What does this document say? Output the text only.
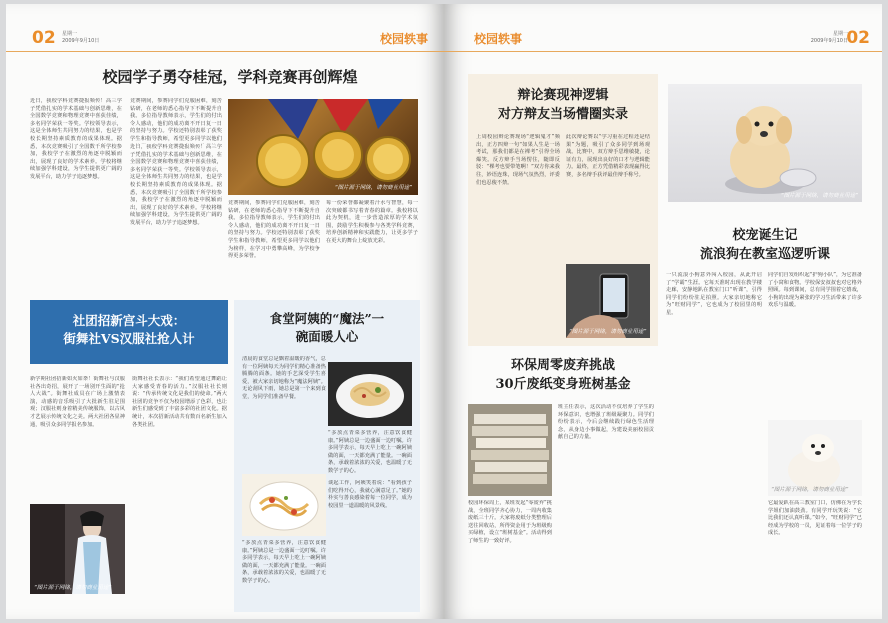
02 星期一
2009年9月10日	校园轶事
校园学子勇夺桂冠，学科竞赛再创辉煌
近日，我校学科竞赛捷报频传！高三学子凭借扎实的学术基础与创新思维，在全国数学竞赛和物理竞赛中喜获佳绩，多名同学荣获一等奖。学校领导表示，这是全体师生共同努力的结果，也是学校长期坚持素质教育的成果体现。据悉，本次竞赛吸引了全国数千所学校参加，我校学子在激烈的角逐中脱颖而出，展现了良好的学术素养。学校将继续加强学科建设，为学生提供更广阔的发展平台，助力学子追逐梦想。
竞赛期间，参赛同学们克服困难，刻苦钻研，在老师的悉心指导下不断提升自我。多位指导教师表示，学生们的付出令人感动，他们的成功离不开日复一日的坚持与努力。学校还特别表彰了获奖学生和指导教师，希望更多同学以他们
“图片源于网络，请勿商业用途”
近日，我校学科竞赛捷报频传！高三学子凭借扎实的学术基础与创新思维，在全国数学竞赛和物理竞赛中喜获佳绩，多名同学荣获一等奖。学校领导表示，这是全体师生共同努力的结果，也是学校长期坚持素质教育的成果体现。据悉，本次竞赛吸引了全国数千所学校参加，我校学子在激烈的角逐中脱颖而出，展现了良好的学术素养。学校将继续加强学科建设，为学生提供更广阔的发展平台，助力学子追逐梦想。
竞赛期间，参赛同学们克服困难，刻苦钻研，在老师的悉心指导下不断提升自我。多位指导教师表示，学生们的付出令人感动，他们的成功离不开日复一日的坚持与努力。学校还特别表彰了获奖学生和指导教师，希望更多同学以他们为榜样，在学习中勇攀高峰，为学校争得更多荣誉。
每一份荣誉都凝聚着汗水与智慧，每一次突破都书写着青春的篇章。我校将以此为契机，进一步营造浓厚的学术氛围，鼓励学生积极参与各类学科竞赛，培养创新精神和实践能力，让更多学子在更大的舞台上绽放光彩。
社团招新宫斗大戏：
街舞社VS汉服社抢人计
新学期社团招新如火如荼！街舞社与汉服社各出奇招，展开了一场别开生面的“抢人大战”。街舞社成员在广场上激情表演，动感的音乐吸引了大批新生驻足围观；汉服社则身着精美传统服饰，以古风才艺展示传统文化之美。两大社团各显神通，吸引众多同学报名参加。
街舞社社长表示：“我们希望通过舞蹈让大家感受青春的活力。”汉服社社长则说：“传承传统文化是我们的使命。”两大社团的竞争不仅为校园增添了色彩，也让新生们感受到了丰富多彩的社团文化。据统计，本次招新活动共有数百名新生加入各类社团。
“图片源于网络，请勿商业用途”
食堂阿姨的“魔法”一
碗面暖人心
清晨的食堂总是飘着温暖的香气，总有一位阿姨每天为同学们精心准备热腾腾的面条。她的手艺深受学生喜爱，被大家亲切地称为“魔法阿姨”。无论刮风下雨，她总是第一个来到食堂，为同学们准备早餐。
“多放点青菜多营养，注意饮食健康。”阿姨总是一边盛面一边叮嘱。许多同学表示，每天早上吃上一碗阿姨做的面，一天都充满了能量。一碗面条，承载着浓浓的关爱，也温暖了无数学子的心。
谈起工作，阿姨笑着说：“看到孩子们吃得开心，我就心满意足了。”她的朴实与善良感染着每一位同学，成为校园里一道温暖的风景线。
“多放点青菜多营养，注意饮食健康。”阿姨总是一边盛面一边叮嘱。许多同学表示，每天早上吃上一碗阿姨做的面，一天都充满了能量。一碗面条，承载着浓浓的关爱，也温暖了无数学子的心。
校园轶事	星期一
2009年9月10日
02
辩论赛现神逻辑
对方辩友当场懵圈实录
上周校园辩论赛现场“逻辑鬼才”频出，正方四辩一句“如果人生是一场考试，那我们都是在裸考”引得全场爆笑。反方辩手当场愣住，随即反驳：“裸考也要带笔啊！”双方你来我往，妙语连珠，现场气氛热烈，评委们也忍俊不禁。
此次辩论赛以“学习重在过程还是结果”为题，吸引了众多同学到场观战。比赛中，双方辩手思维敏捷，论证有力，展现出良好的口才与逻辑能力。最终，正方凭借精彩表现赢得比赛，多名辩手获评最佳辩手称号。
“图片源于网络，请勿商业用途”
“图片源于网络，请勿商业用途”
校宠诞生记
流浪狗在教室巡逻听课
环保周零废弃挑战
30斤废纸变身班树基金
班主任表示，这次活动不仅培养了学生的环保意识，也增强了班级凝聚力。同学们纷纷表示，今后会继续践行绿色生活理念，从身边小事做起，为建设美丽校园贡献自己的力量。
校园环保周上，某班发起“零废弃”挑战，全班同学齐心协力，一周内收集废纸三十斤。大家将废纸分类整理后送往回收站，所得资金用于为班级购买绿植，设立“班树基金”。活动得到了师生的一致好评。
一只流浪小狗意外闯入校园，从此开启了“学霸”生涯。它每天准时出现在教学楼走廊，安静地趴在教室门口“听课”，引得同学们纷纷驻足拍照。大家亲切地称它为“旺财同学”，它也成为了校园里的明星。
同学们自发组织起“护狗小队”，为它准备了小窝和食物。学校保安叔叔也对它格外照顾。每到课间，总有同学围着它嬉戏，小狗的出现为紧张的学习生活带来了许多欢乐与温暖。
“图片源于网络，请勿商业用途”
它最爱趴在高三教室门口，仿佛在为学长学姐们加油鼓劲。有同学开玩笑说：“它比我们还认真听课。”如今，“旺财同学”已经成为学校的一员，见证着每一位学子的成长。
